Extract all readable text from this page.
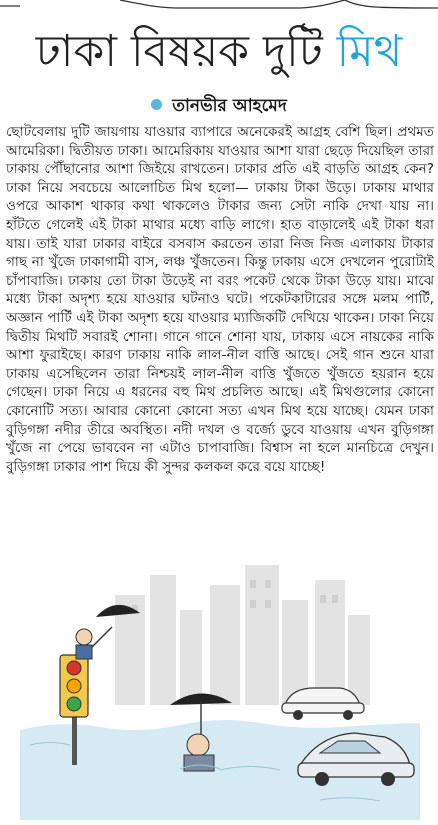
ঢাকা বিষয়ক দুটি মিথ
তানভীর আহমেদ
ছোটবেলায় দুটি জায়গায় যাওয়ার ব্যাপারে অনেকেরই আগ্রহ বেশি ছিল। প্রথমত আমেরিকা। দ্বিতীয়ত ঢাকা। আমেরিকায় যাওয়ার আশা যারা ছেড়ে দিয়েছিল তারা ঢাকায় পৌঁছানোর আশা জিইয়ে রাখতেন। ঢাকার প্রতি এই বাড়তি আগ্রহ কেন? ঢাকা নিয়ে সবচেয়ে আলোচিত মিথ হলো— ঢাকায় টাকা উড়ে। ঢাকায় মাথার ওপরে আকাশ থাকার কথা থাকলেও টাকার জন্য সেটা নাকি দেখা যায় না। হাঁটতে গেলেই এই টাকা মাথার মধ্যে বাড়ি লাগে। হাত বাড়ালেই এই টাকা ধরা যায়। তাই যারা ঢাকার বাইরে বসবাস করতেন তারা নিজ নিজ এলাকায় টাকার গাছ না খুঁজে ঢাকাগামী বাস, লঞ্চ খুঁজতেন। কিন্তু ঢাকায় এসে দেখলেন পুরোটাই চাঁপাবাজি। ঢাকায় তো টাকা উড়েই না বরং পকেট থেকে টাকা উড়ে যায়। মাঝে মধ্যে টাকা অদৃশ্য হয়ে যাওয়ার ঘটনাও ঘটে। পকেটকাটারের সঙ্গে মলম পার্টি, অজ্ঞান পার্টি এই টাকা অদৃশ্য হয়ে যাওয়ার ম্যাজিকটি দেখিয়ে থাকেন। ঢাকা নিয়ে দ্বিতীয় মিথটি সবারই শোনা। গানে গানে শোনা যায়, ঢাকায় এসে নায়কের নাকি আশা ফুরাইছে। কারণ ঢাকায় নাকি লাল-নীল বাত্তি আছে। সেই গান শুনে যারা ঢাকায় এসেছিলেন তারা নিশ্চয়ই লাল-নীল বাত্তি খুঁজতে খুঁজতে হয়রান হয়ে গেছেন। ঢাকা নিয়ে এ ধরনের বহু মিথ প্রচলিত আছে। এই মিথগুলোর কোনো কোনোটি সত্য। আবার কোনো কোনো সত্য এখন মিথ হয়ে যাচ্ছে। যেমন ঢাকা বুড়িগঙ্গা নদীর তীরে অবস্থিত। নদী দখল ও বর্জ্যে ডুবে যাওয়ায় এখন বুড়িগঙ্গা খুঁজে না পেয়ে ভাববেন না এটাও চাপাবাজি। বিশ্বাস না হলে মানচিত্রে দেখুন। বুড়িগঙ্গা ঢাকার পাশ দিয়ে কী সুন্দর কলকল করে বয়ে যাচ্ছে!
